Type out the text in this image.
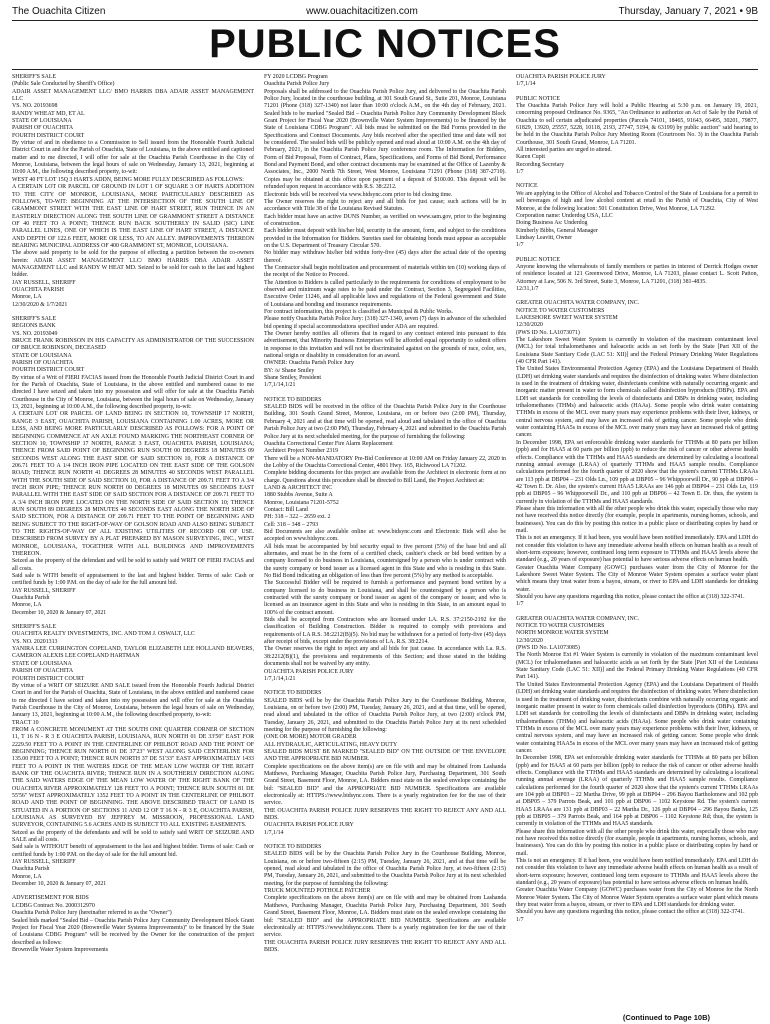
The Ouachita Citizen	www.ouachitacitizen.com	Thursday, January 7, 2021 • 9B
PUBLIC NOTICES

SHERIFF'S SALE

(Public Sale Conducted by Sheriff's Office)

ADAIR ASSET MANAGEMENT LLC/ BMO HARRIS DBA ADAIR ASSET MANAGEMENT LLC

VS. NO. 20193698

RANDY WHEAT MD, ET AL

STATE OF LOUISIANA

PARISH OF OUACHITA

FOURTH DISTRICT COURT

By virtue of and in obedience to a Commission to Sell issued from the Honorable Fourth Judicial District Court in and for the Parish of Ouachita, State of Louisiana, in the above entitled and captioned matter and to me directed, I will offer for sale at the Ouachita Parish Courthouse in the City of Monroe, Louisiana, between the legal hours of sale on Wednesday, January 13, 2021, beginning at 10:00 A.M., the following described property, to-wit:

WEST 40 FT LOT 15Q 3 HARTS ADDN, BEING MORE FULLY DESCRIBED AS FOLLOWS:

A CERTAIN LOT OR PARCEL OF GROUND IN LOT 1 OF SQUARE 3 OF HARTS ADDITION TO THE CITY OF MONROE, LOUISIANA, MORE PARTICULARLY DESCRIBED AS FOLLOWS, TO-WIT: BEGINNING AT THE INTERSECTION OF THE SOUTH LINE OF GRAMMONT STREET WITH THE EAST LINE OF HART STREET, RUN THENCE IN AN EASTERLY DIRECTION ALONG THE SOUTH LINE OF GRAMMONT STREET A DISTANCE OF 40 FEET TO A POINT; THENCE RUN BACK SOUTHERLY IN SALID (SIC) LINE PARALLEL LINES, ONE OF WHICH IS THE EAST LINE OF HART STREET, A DISTANCE AND DEPTH OF 122.6 FEET, MORE OR LESS, TO AN ALLEY. IMPROVEMENTS THEREON BEARING MUNICIPAL ADDRESS OF 400 GRAMMONT ST, MONROE, LOUISIANA.

The above said property to be sold for the purpose of effecting a partition between the co-owners herein: ADAIR ASSET MANAGEMENT LLC/ BMO HARRIS DBA ADAIR ASSET MANAGEMENT LLC and RANDY W HEAT MD. Seized to be sold for cash to the last and highest bidder.

JAY RUSSELL, SHERIFF

OUACHITA PARISH

Monroe, LA

12/30/2020 & 1/7/2021

SHERIFF'S SALE

REGIONS BANK

VS. NO. 20193049

BRUCE FRANK ROBINSON IN HIS CAPACITY AS ADMINISTRATOR OF THE SUCCESSION OF BRUCE ROBINSON, DECEASED

STATE OF LOUISIANA

PARISH OF OUACHITA

FOURTH DISTRICT COURT

By virtue of a Writ of FIERI FACIAS issued from the Honorable Fourth Judicial District Court in and for the Parish of Ouachita, State of Louisiana, in the above entitled and numbered cause to me directed I have seized and taken into my possession and will offer for sale at the Ouachita Parish Courthouse in the City of Monroe, Louisiana, between the legal hours of sale on Wednesday, January 13, 2021, beginning at 10:00 A.M., the following described property, to-wit:

A CERTAIN LOT OR PARCEL OF LAND BEING IN SECTION 10, TOWNSHIP 17 NORTH, RANGE 3 EAST, OUACHITA PARISH, LOUISIANA CONTAINING 1.00 ACRES, MORE OR LESS, AND BEING MORE PARTICULARLY DESCRIBED AS FOLLOWS: FOR A POINT OF BEGINNING COMMENCE AT AN AXLE FOUND MARKING THE NORTHEAST CORNER OF SECTION 10, TOWNSHIP 17 NORTH, RANGE 3 EAST, OUACHITA PARISH, LOUISIANA; THENCE FROM SAID POINT OF BEGINNING RUN SOUTH 00 DEGREES 18 MINUTES 09 SECONDS WEST ALONG THE EAST SIDE OF SAID SECTION 10, FOR A DISTANCE OF 206.71 FEET TO A 1/4 INCH IRON PIPE LOCATED ON THE EAST SIDE OF THE GOLSON ROAD; THENCE RUN NORTH 41 DEGREES 28 MINUTES 40 SECONDS WEST PARALLEL WITH THE SOUTH SIDE OF SAID SECTION 10, FOR A DISTANCE OF 209.71 FEET TO A 3/4 INCH IRON PIPE; THENCE RUN NORTH 00 DEGREES 18 MINUTES 09 SECONDS EAST PARALLEL WITH THE EAST SIDE OF SAID SECTION FOR A DISTANCE OF 209.71 FEET TO A 3/4 INCH IRON PIPE LOCATED ON THE NORTH SIDE OF SAID SECTION 10; THENCE RUN SOUTH 89 DEGREES 28 MINUTES 40 SECONDS EAST ALONG THE NORTH SIDE OF SAID SECTION, FOR A DISTANCE OF 209.71 FEET TO THE POINT OF BEGINNING AND BEING SUBJECT TO THE RIGHT-OF-WAY OF GOLSON ROAD AND ALSO BEING SUBJECT TO THE RIGHTS-OF-WAY OF ALL EXISTING UTILITIES OF RECORD OR OF USE. DESCRIBED FROM SURVEY BY A PLAT PREPARED BY MASON SURVEYING, INC., WEST MONROE, LOUISIANA, TOGETHER WITH ALL BUILDINGS AND IMPROVEMENTS THEREON.

Seized as the property of the defendant and will be sold to satisfy said WRIT OF FIERI FACIAS and all costs.

Said sale is WITH benefit of appraisement to the last and highest bidder. Terms of sale: Cash or certified funds by 1:00 P.M. on the day of sale for the full amount bid.

JAY RUSSELL, SHERIFF

Ouachita Parish

Monroe, LA

December 10, 2020 & January 07, 2021

SHERIFF'S SALE

OUACHITA REALTY INVESTMENTS, INC. AND TOM J. OSWALT, LLC

VS. NO. 20201313

YANIRA LEE CURRINGTON COPELAND, TAYLOR ELIZABETH LEE HOLLAND BEAVERS, CAMERON ALEXIS LEE COPELAND HARTMAN

STATE OF LOUISIANA

PARISH OF OUACHITA

FOURTH DISTRICT COURT

By virtue of a WRIT OF SEIZURE AND SALE issued from the Honorable Fourth Judicial District Court in and for the Parish of Ouachita, State of Louisiana, in the above entitled and numbered cause to me directed I have seized and taken into my possession and will offer for sale at the Ouachita Parish Courthouse in the City of Monroe, Louisiana, between the legal hours of sale on Wednesday, January 13, 2021, beginning at 10:00 A.M., the following described property, to-wit:

TRACT 10

FROM A CONCRETE MONUMENT AT THE SOUTH ONE QUARTER CORNER OF SECTION 11, T 16 N - R 3 E OUACHITA PARISH, LOUISIANA, RUN NORTH 01 DE 33'50" EAST FOR 2229.50 FEET TO A POINT IN THE CENTERLINE OF PHILBOT ROAD AND THE POINT OF BEGINNING; THENCE RUN NORTH 01 DE 37'23" WEST ALONG SAID CENTERLINE FOR 135.00 FEET TO A POINT; THENCE RUN NORTH 37 DE 51'33" EAST APPROXIMATELY 1433 FEET TO A POINT IN THE WATERS EDGE OF THE MEAN LOW WATER OF THE RIGHT BANK OF THE OUACHITA RIVER; THENCE RUN IN A SOUTHERLY DIRECTION ALONG THE SAID WATERS EDGE OF THE MEAN LOW WATER OF THE RIGHT BANK OF THE OUACHITA RIVER APPROXIMATELY 128 FEET TO A POINT; THENCE RUN SOUTH 81 DE 55'56" WEST APPROXIMATELY 1352 FEET TO A POINT IN THE CENTERLINE OF PHILBOT ROAD AND THE POINT OF BEGINNING. THE ABOVE DESCRIBED TRACT OF LAND IS SITUATED IN A PORTION OF SECTIONS 11 AND 12 OF T 16 N - R 3 E, OUACHITA PARISH, LOUISIANA AS SURVEYED BY JEFFREY M. MISSROON, PROFESSIONAL LAND SURVEYOR, CONTAINING 5.6 ACRES AND IS SUBJECT TO ALL EXISTING EASEMENTS.

Seized as the property of the defendants and will be sold to satisfy said WRIT OF SEIZURE AND SALE and all costs.

Said sale is WITHOUT benefit of appraisement to the last and highest bidder. Terms of sale: Cash or certified funds by 1:00 P.M. on the day of sale for the full amount bid.

JAY RUSSELL, SHERIFF

Ouachita Parish

Monroe, LA

December 10, 2020 & January 07, 2021

ADVERTISEMENT FOR BIDS

LCDBG Contract No. 2000312970

Ouachita Parish Police Jury (hereinafter referred to as the "Owner")

Sealed bids marked "Sealed Bid – Ouachita Parish Police Jury Community Development Block Grant Project for Fiscal Year 2020 (Brownville Water Systems Improvements)" to be financed by the State of Louisiana CDBG Program" will be received by the Owner for the construction of the project described as follows:

Brownville Water System Improvements

FY 2020 LCDBG Program

Ouachita Parish Police Jury

Proposals shall be addressed to the Ouachita Parish Police Jury, and delivered to the Ouachita Parish Police Jury, located in the courthouse building, at 301 South Grand St., Suite 201, Monroe, Louisiana 71201 (Phone (318) 327-1340) not later than 10:00 o'clock A.M., on the 4th day of February, 2021. Sealed bids to be marked "Sealed Bid – Ouachita Parish Police Jury Community Development Block Grant Project for Fiscal Year 2020 (Brownville Water System Improvements) to be financed by the State of Louisiana CDBG Program". All bids must be submitted on the Bid Forms provided in the Specifications and Contract Documents. Any bids received after the specified time and date will not be considered. The sealed bids will be publicly opened and read aloud at 10:00 A.M. on the 4th day of February, 2021, in the Ouachita Parish Police Jury conference room. The Information for Bidders, Form of Bid Proposal, Form of Contract, Plans, Specifications, and Forms of Bid Bond, Performance Bond and Payment Bond, and other contract documents may be examined at the Office of Lazenby & Associates, Inc., 2000 North 7th Street, West Monroe, Louisiana 71291 (Phone (318) 387-2710). Copies may be obtained at this office upon payment of a deposit of $100.00. This deposit will be refunded upon request in accordance with R.S. 38:2212.

Electronic bids will be received via www.bidsync.com prior to bid closing time.

The Owner reserves the right to reject any and all bids for just cause; such actions will be in accordance with Title 38 of the Louisiana Revised Statutes.

Each bidder must have an active DUNS Number, as verified on www.sam.gov, prior to the beginning of construction.

Each bidder must deposit with his/her bid, security in the amount, form, and subject to the conditions provided in the Information for Bidders. Sureties used for obtaining bonds must appear as acceptable on the U.S. Department of Treasury Circular 570.

No bidder may withdraw his/her bid within forty-five (45) days after the actual date of the opening thereof.

The Contractor shall begin mobilization and procurement of materials within ten (10) working days of the receipt of the Notice to Proceed.

The Attention to Bidders is called particularly to the requirements for conditions of employment to be observed and minimum wage rates to be paid under the Contract, Section 3, Segregated Facilities, Executive Order 11246, and all applicable laws and regulations of the Federal government and State of Louisiana and bonding and insurance requirements.

For contract information, this project is classified as Municipal & Public Works.

Please notify Ouachita Parish Police Jury: (318) 327-1340, seven (7) days in advance of the scheduled bid opening if special accommodations specified under ADA are required.

The Owner hereby notifies all offerors that in regard to any contract entered into pursuant to this advertisement, that Minority Business Enterprises will be afforded equal opportunity to submit offers in response to this invitation and will not be discriminated against on the grounds of race, color, sex, national origin or disability in consideration for an award.

OWNER: Ouachita Parish Police Jury

BY: /s/ Shane Smiley

Shane Smiley, President

1/7,1/14,1/21

NOTICE TO BIDDERS

SEALED BIDS will be received in the office of the Ouachita Parish Police Jury in the Courthouse Building, 301 South Grand Street, Monroe, Louisiana, on or before two (2:00 PM), Thursday, February 4, 2021 and at that time will be opened, read aloud and tabulated in the office of Ouachita Parish Police Jury at two (2:00 PM), Thursday, February 4, 2021 and submitted to the Ouachita Parish Police Jury at its next scheduled meeting, for the purpose of furnishing the following:

Ouachita Correctional Center Fire Alarm Replacement

Architect Project Number 2319

There will be a NON-MANDATORY Pre-Bid Conference at 10:00 AM on Friday January 22, 2020 in the Lobby of the Ouachita Correctional Center, 4801 Hwy. 165, Richwood LA 71202.

Complete bidding documents for this project are available from the Architect in electronic form at no charge. Questions about this procedure shall be directed to Bill Land, the Project Architect at:

LAND & ARCHITECT INC

1880 Stubbs Avenue, Suite A

Monroe, Louisiana 71201-5752

Contact: Bill Land

PH: 318 – 322 – 2659 ext. 2

Cell: 318 – 348 – 2793

Bid Documents are also available online at: www.bidsync.com and Electronic Bids will also be accepted on www.bidsync.com.

All bids must be accompanied by bid security equal to five percent (5%) of the base bid and all alternates, and must be in the form of a certified check, cashier's check or bid bond written by a company licensed to do business in Louisiana, countersigned by a person who is under contract with the surety company or bond issuer as a licensed agent in this State and who is residing in this State. No Bid Bond indicating an obligation of less than five percent (5%) by any method is acceptable.

The Successful Bidder will be required to furnish a performance and payment bond written by a company licensed to do business in Louisiana, and shall be countersigned by a person who is contracted with the surety company or bond issuer as agent of the company or issuer, and who is licensed as an insurance agent in this State and who is residing in this State, in an amount equal to 100% of the contract amount.

Bids shall be accepted from Contractors who are licensed under LA. R.S. 37:2150-2192 for the classification of Building Construction. Bidder is required to comply with provisions and requirements of LA R.S. 38:2212(B)(5). No bid may be withdrawn for a period of forty-five (45) days after receipt of bids, except under the provisions of LA. R.S. 38:2214.

The Owner reserves the right to reject any and all bids for just cause. In accordance with La. R.S. 38:2212(B)(1), the provisions and requirements of this Section; and those stated in the bidding documents shall not be waived by any entity.

OUACHITA PARISH POLICE JURY

1/7,1/14,1/21

NOTICE TO BIDDERS

SEALED BIDS will be by the Ouachita Parish Police Jury in the Courthouse Building, Monroe, Louisiana, on or before two (2:00) PM, Tuesday, January 26, 2021, and at that time, will be opened, read aloud and tabulated in the office of Ouachita Parish Police Jury, at two (2:00) o'clock PM, Tuesday, January 26, 2021, and submitted to the Ouachita Parish Police Jury at its next scheduled meeting for the purpose of furnishing the following:

(ONE OR MORE) MOTOR GRADER

ALL HYDRAULIC, ARTICULATING, HEAVY DUTY

SEALED BIDS MUST BE MARKED "SEALED BID" ON THE OUTSIDE OF THE ENVELOPE AND THE APPROPRIATE BID NUMBER.

Complete specifications on the above item(s) are on file with and may be obtained from Lashanda Matthews, Purchasing Manager, Ouachita Parish Police Jury, Purchasing Department, 301 South Grand Street, Basement Floor, Monroe, LA. Bidders must state on the sealed envelope containing the bid: "SEALED BID" and the APPROPRIATE BID NUMBER. Specifications are available electronically at: HTTPS://www.bidsync.com. There is a yearly registration fee for the use of their service.

THE OUACHITA PARISH POLICE JURY RESERVES THE RIGHT TO REJECT ANY AND ALL BIDS.

OUACHITA PARISH POLICE JURY

1/7,1/14

NOTICE TO BIDDERS

SEALED BIDS will be by the Ouachita Parish Police Jury in the Courthouse Building, Monroe, Louisiana, on or before two-fifteen (2:15) PM, Tuesday, January 26, 2021, and at that time will be opened, read aloud and tabulated in the office of Ouachita Parish Police Jury, at two-fifteen (2:15) PM, Tuesday, January 26, 2021, and submitted to the Ouachita Parish Police Jury at its next scheduled meeting, for the purpose of furnishing the following:

TRUCK MOUNTED POTHOLE PATCHER

Complete specifications on the above item(s) are on file with and may be obtained from Lashanda Matthews, Purchasing Manager, Ouachita Parish Police Jury, Purchasing Department, 301 South Grand Street, Basement Floor, Monroe, LA. Bidders must state on the sealed envelope containing the bid: "SEALED BID" and the APPROPRIATE BID NUMBER. Specifications are available electronically at: HTTPS://www.bidsync.com. There is a yearly registration fee for the use of their service.

THE OUACHITA PARISH POLICE JURY RESERVES THE RIGHT TO REJECT ANY AND ALL BIDS.

OUACHITA PARISH POLICE JURY

1/7,1/14

PUBLIC NOTICE

The Ouachita Parish Police Jury will hold a Public Hearing at 5:30 p.m. on January 19, 2021, concerning proposed Ordinance No. 9365, "An Ordinance to authorize an Act of Sale by the Parish of Ouachita to sell certain adjudicated properties (Parcels 74101, 18465, 91643, 66495, 30201, 79877, 61829, 13920, 25557, 5228, 10118, 2193, 27747, 5194, & 63199) by public auction" said hearing to be held in the Ouachita Parish Police Jury Meeting Room (Courtroom No. 3) in the Ouachita Parish Courthouse, 301 South Grand, Monroe, LA 71201.

All interested parties are urged to attend.

Karen Cupit

Recording Secretary

1/7

NOTICE

We are applying to the Office of Alcohol and Tobacco Control of the State of Louisiana for a permit to sell beverages of high and low alcohol content at retail in the Parish of Ouachita, City of West Monroe, at the following location: 501 Constitution Drive, West Monroe, LA 71292.

Corporation name: Underdog USA, LLC

Doing Business As: Underdog

Kimberly Bibbs, General Manager

Lindsay Leavitt, Owner

1/7

PUBLIC NOTICE

Anyone knowing the whereabouts of family members or parties in interest of Derrick Hodges owner of residence located at 121 Greenwood Drive, Monroe, LA 71203, please contact L. Scott Patton, Attorney at Law, 506 N. 3rd Street, Suite 3, Monroe, LA 71201, (318) 381-4835.

12/31,1/7

GREATER OUACHITA WATER COMPANY, INC.

NOTICE TO WATER CUSTOMERS

LAKESHORE SWEET WATER SYSTEM

12/30/2020

(PWS ID No. LA1073071)

The Lakeshore Sweet Water System is currently in violation of the maximum contaminant level (MCL) for total trihalomethanes and haloacetic acids as set forth by the State [Part XII of the Louisiana State Sanitary Code (LAC 51: XII)] and the Federal Primary Drinking Water Regulations (40 CFR Part 141).

The United States Environmental Protection Agency (EPA) and the Louisiana Department of Health (LDH) set drinking water standards and requires the disinfection of drinking water. Where disinfection is used in the treatment of drinking water, disinfectants combine with naturally occurring organic and inorganic matter present in water to form chemicals called disinfection byproducts (DBPs). EPA and LDH set standards for controlling the levels of disinfectants and DBPs in drinking water, including trihalomethanes (THMs) and haloacetic acids (HAAs). Some people who drink water containing TTHMs in excess of the MCL over many years may experience problems with their liver, kidneys, or central nervous system, and may have an increased risk of getting cancer. Some people who drink water containing HAA5s in excess of the MCL over many years may have an increased risk of getting cancer.

In December 1998, EPA set enforceable drinking water standards for TTHMs at 80 parts per billion (ppb) and for HAA5 at 60 parts per billion (ppb) to reduce the risk of cancer or other adverse health effects. Compliance with the TTHMs and HAA5 standards are determined by calculating a locational running annual average (LRAA) of quarterly TTHMs and HAA5 sample results. Compliance calculations performed for the fourth quarter of 2020 show that the system's current TTHMs LRAAs are 113 ppb at DBP04 – 231 Olds Ln., 109 ppb at DBP05 – 96 Whippoorwill Dr., 90 ppb at DBP06 – 42 Town E. Dr. Also, the system's current HAA5 LRAAs are 146 ppb at DBP04 – 231 Olds Ln, 119 ppb at DBP05 – 96 Whippoorwill Dr., and 110 ppb at DBP06 – 42 Town E. Dr. thus, the system is currently in violation of the TTHMs and HAA5 standards.

Please share this information with all the other people who drink this water, especially those who may not have received this notice directly (for example, people in apartments, nursing homes, schools, and businesses). You can do this by posting this notice in a public place or distributing copies by hand or mail.

This is not an emergency. If it had been, you would have been notified immediately. EPA and LDH do not consider this violation to have any immediate adverse health effects on human health as a result of short-term exposure; however, continued long term exposure to TTHMs and HAA5 levels above the standard (e.g., 20 years of exposure) has potential to have serious adverse effects on human health.

Greater Ouachita Water Company (GOWC) purchases water from the City of Monroe for the Lakeshore Sweet Water System. The City of Monroe Water System operates a surface water plant which means they treat water from a bayou, stream, or river to EPA and LDH standards for drinking water.

Should you have any questions regarding this notice, please contact the office at (318) 322-3741.

1/7

GREATER OUACHITA WATER COMPANY, INC.

NOTICE TO WATER CUSTOMERS

NORTH MONROE WATER SYSTEM

12/30/2020

(PWS ID No. LA1073085)

The North Monroe Ext #1 Water System is currently in violation of the maximum contaminant level (MCL) for trihalomethanes and haloacetic acids as set forth by the State [Part XII of the Louisiana State Sanitary Code (LAC 51: XII)] and the Federal Primary Drinking Water Regulations (40 CFR Part 141).

The United States Environmental Protection Agency (EPA) and the Louisiana Department of Health (LDH) set drinking water standards and requires the disinfection of drinking water. Where disinfection is used in the treatment of drinking water, disinfectants combine with naturally occurring organic and inorganic matter present in water to form chemicals called disinfection byproducts (DBPs). EPA and LDH set standards for controlling the levels of disinfectants and DBPs in drinking water, including trihalomethanes (THMs) and haloacetic acids (HAAs). Some people who drink water containing TTHMs in excess of the MCL over many years may experience problems with their liver, kidneys, or central nervous system, and may have an increased risk of getting cancer. Some people who drink water containing HAA5s in excess of the MCL over many years may have an increased risk of getting cancer.

In December 1998, EPA set enforceable drinking water standards for TTHMs at 80 parts per billion (ppb) and for HAA5 at 60 parts per billion (ppb) to reduce the risk of cancer or other adverse health effects. Compliance with the TTHMs and HAA5 standards are determined by calculating a locational running annual average (LRAA) of quarterly TTHMs and HAA5 sample results. Compliance calculations performed for the fourth quarter of 2020 show that the system's current TTHMs LRAAs are 104 ppb at DBP03 – 22 Martha Drive, 99 ppb at DBP04 – 296 Bayou Bartholomew and 102 ppb at DBP05 – 379 Parrots Beak, and 101 ppb at DBP06 – 1102 Keystone Rd. The system's current HAA5 LRAAs are 131 ppb at DBP03 – 22 Martha Dr., 126 ppb at DBP04 – 296 Bayou Banks, 125 ppb at DBP05 – 379 Parrots Beak, and 164 ppb at DBP06 – 1102 Keystone Rd; thus, the system is currently in violation of the TTHMs and HAA5 standards.

Please share this information with all the other people who drink this water, especially those who may not have received this notice directly (for example, people in apartments, nursing homes, schools, and businesses). You can do this by posting this notice in a public place or distributing copies by hand or mail.

This is not an emergency. If it had been, you would have been notified immediately. EPA and LDH do not consider this violation to have any immediate adverse health effects on human health as a result of short-term exposure; however, continued long term exposure to TTHMs and HAA5 levels above the standard (e.g., 20 years of exposure) has potential to have serious adverse effects on human health.

Greater Ouachita Water Company (GOWC) purchases water from the City of Monroe for the North Monroe Water System. The City of Monroe Water System operates a surface water plant which means they treat water from a bayou, stream, or river to EPA and LDH standards for drinking water.

Should you have any questions regarding this notice, please contact the office at (318) 322-3741.

1/7

(Continued to Page 10B)
